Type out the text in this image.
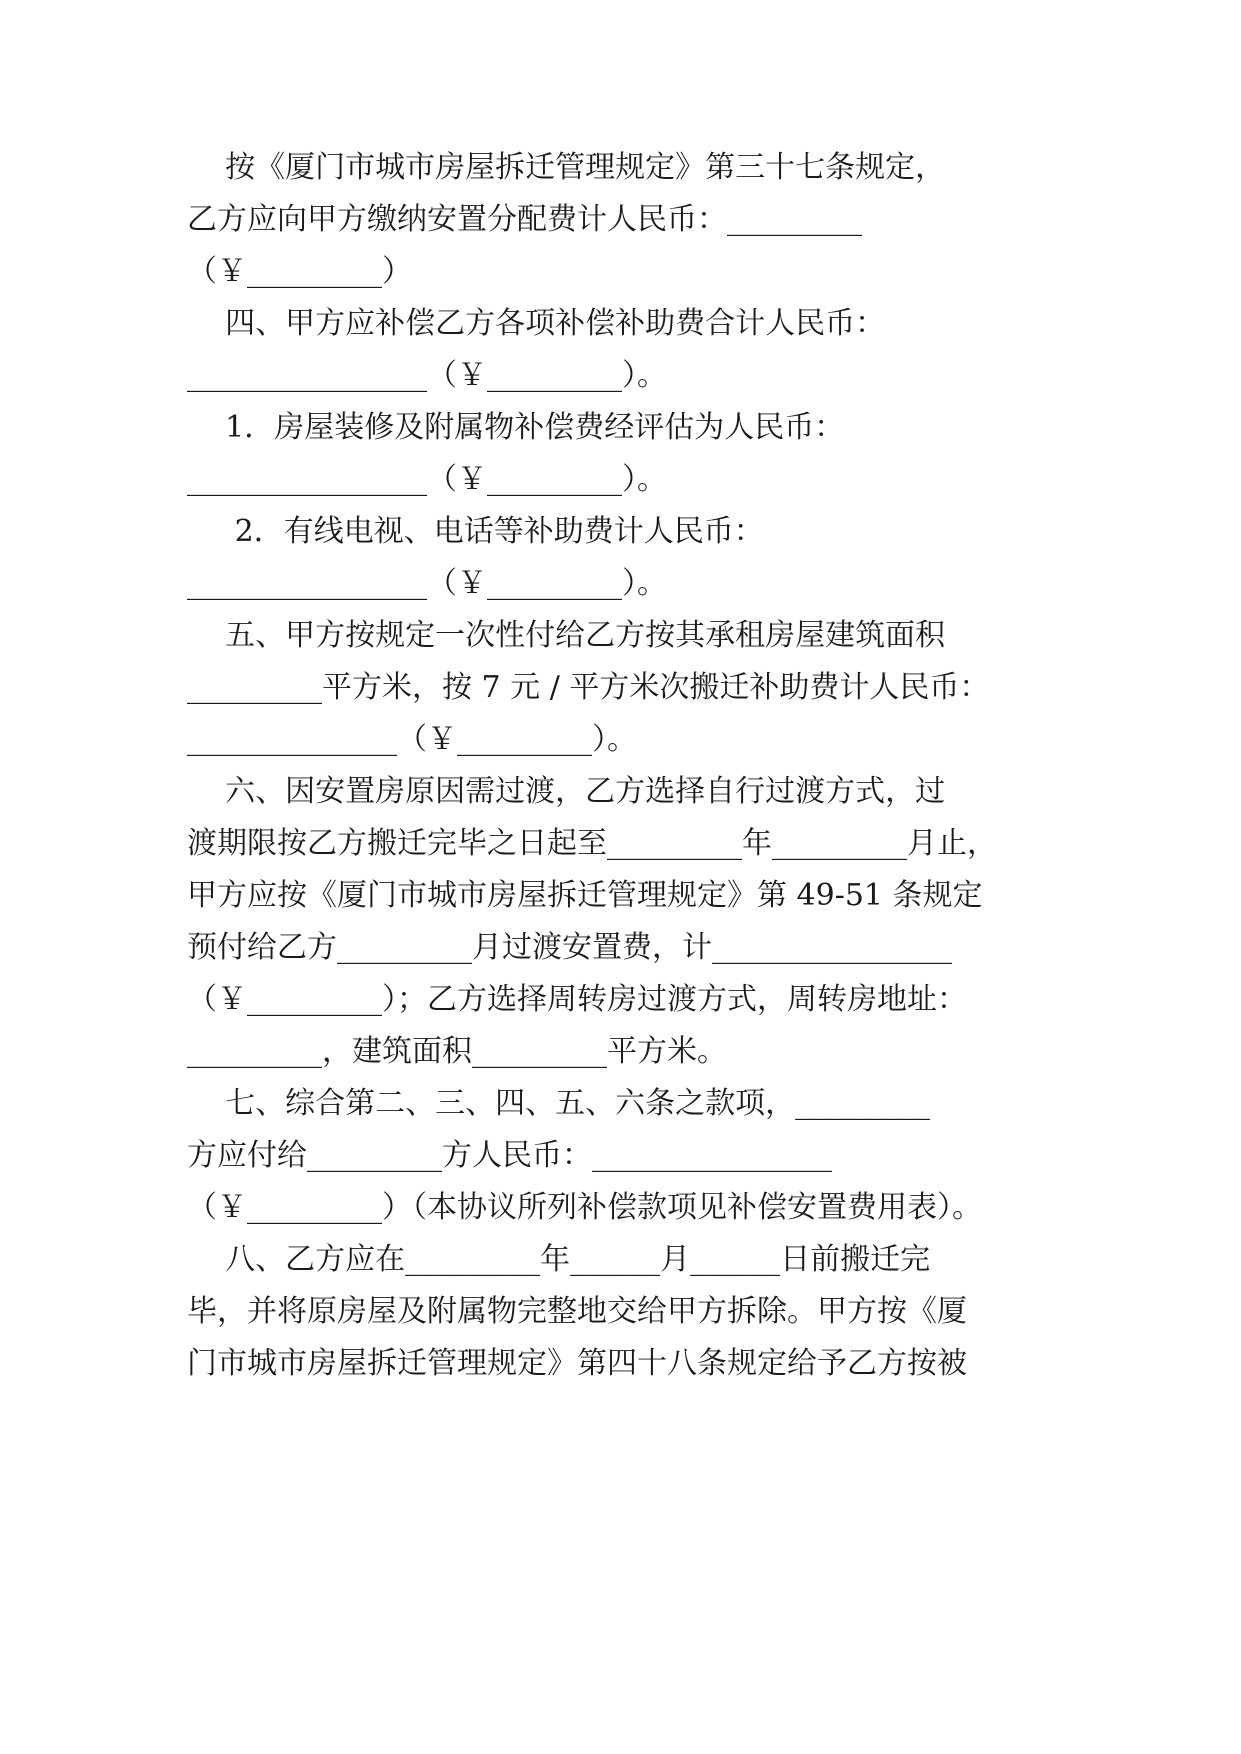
按《厦门市城市房屋拆迁管理规定》第三十七条规定，
乙方应向甲方缴纳安置分配费计人民币：_________
（￥_________）
四、甲方应补偿乙方各项补偿补助费合计人民币：
________________（￥_________）。
1．房屋装修及附属物补偿费经评估为人民币：
________________（￥_________）。
2．有线电视、电话等补助费计人民币：
________________（￥_________）。
五、甲方按规定一次性付给乙方按其承租房屋建筑面积
_________平方米，按 7 元 / 平方米次搬迁补助费计人民币：
______________（￥_________）。
六、因安置房原因需过渡，乙方选择自行过渡方式，过
渡期限按乙方搬迁完毕之日起至_________年_________月止，
甲方应按《厦门市城市房屋拆迁管理规定》第 49-51 条规定
预付给乙方_________月过渡安置费，计________________
（￥_________）；乙方选择周转房过渡方式，周转房地址：
_________，建筑面积_________平方米。
七、综合第二、三、四、五、六条之款项，_________
方应付给_________方人民币：________________
（￥_________）（本协议所列补偿款项见补偿安置费用表）。
八、乙方应在_________年______月______日前搬迁完
毕，并将原房屋及附属物完整地交给甲方拆除。甲方按《厦
门市城市房屋拆迁管理规定》第四十八条规定给予乙方按被
